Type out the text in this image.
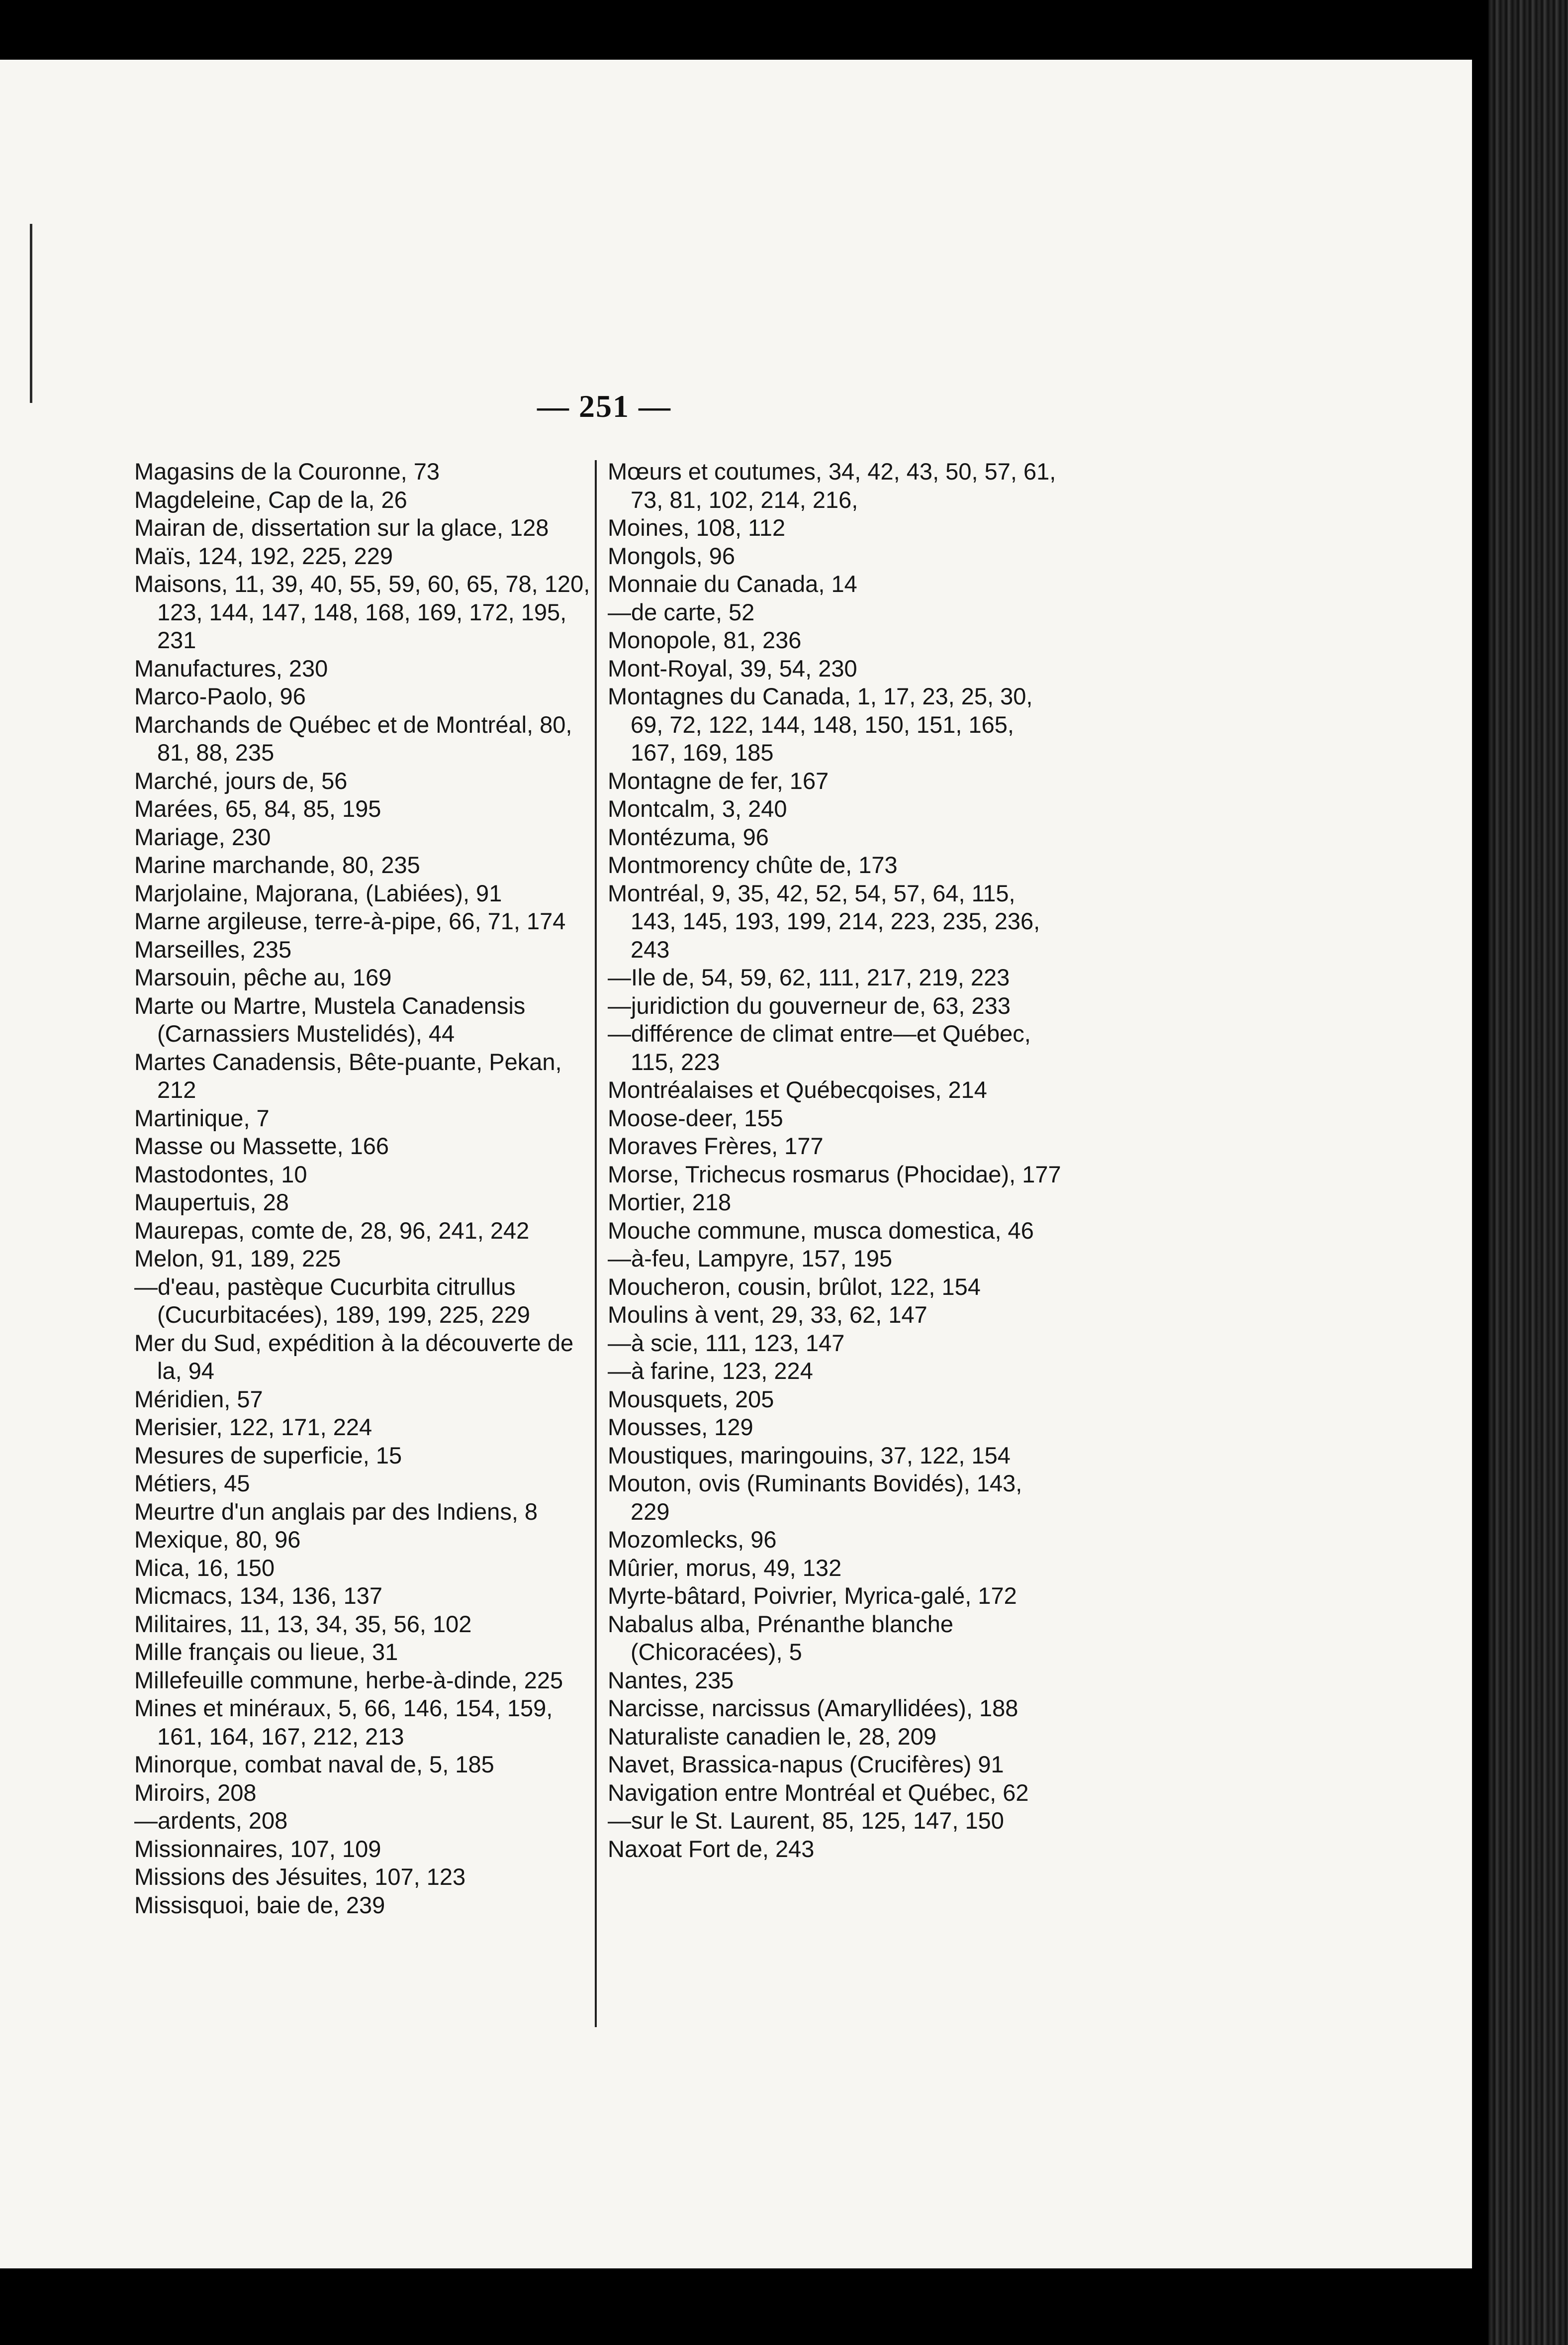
— 251 —

Magasins de la Couronne, 73

Magdeleine, Cap de la, 26

Mairan de, dissertation sur la glace, 128

Maïs, 124, 192, 225, 229

Maisons, 11, 39, 40, 55, 59, 60, 65, 78, 120, 123, 144, 147, 148, 168, 169, 172, 195, 231

Manufactures, 230

Marco-Paolo, 96

Marchands de Québec et de Montréal, 80, 81, 88, 235

Marché, jours de, 56

Marées, 65, 84, 85, 195

Mariage, 230

Marine marchande, 80, 235

Marjolaine, Majorana, (Labiées), 91

Marne argileuse, terre-à-pipe, 66, 71, 174

Marseilles, 235

Marsouin, pêche au, 169

Marte ou Martre, Mustela Canadensis (Carnassiers Mustelidés), 44

Martes Canadensis, Bête-puante, Pekan, 212

Martinique, 7

Masse ou Massette, 166

Mastodontes, 10

Maupertuis, 28

Maurepas, comte de, 28, 96, 241, 242

Melon, 91, 189, 225

—d'eau, pastèque Cucurbita citrullus (Cucurbitacées), 189, 199, 225, 229

Mer du Sud, expédition à la découverte de la, 94

Méridien, 57

Merisier, 122, 171, 224

Mesures de superficie, 15

Métiers, 45

Meurtre d'un anglais par des Indiens, 8

Mexique, 80, 96

Mica, 16, 150

Micmacs, 134, 136, 137

Militaires, 11, 13, 34, 35, 56, 102

Mille français ou lieue, 31

Millefeuille commune, herbe-à-dinde, 225

Mines et minéraux, 5, 66, 146, 154, 159, 161, 164, 167, 212, 213

Minorque, combat naval de, 5, 185

Miroirs, 208

—ardents, 208

Missionnaires, 107, 109

Missions des Jésuites, 107, 123

Missisquoi, baie de, 239

Mœurs et coutumes, 34, 42, 43, 50, 57, 61, 73, 81, 102, 214, 216,

Moines, 108, 112

Mongols, 96

Monnaie du Canada, 14

—de carte, 52

Monopole, 81, 236

Mont-Royal, 39, 54, 230

Montagnes du Canada, 1, 17, 23, 25, 30, 69, 72, 122, 144, 148, 150, 151, 165, 167, 169, 185

Montagne de fer, 167

Montcalm, 3, 240

Montézuma, 96

Montmorency chûte de, 173

Montréal, 9, 35, 42, 52, 54, 57, 64, 115, 143, 145, 193, 199, 214, 223, 235, 236, 243

—Ile de, 54, 59, 62, 111, 217, 219, 223

—juridiction du gouverneur de, 63, 233

—différence de climat entre—et Québec, 115, 223

Montréalaises et Québecqoises, 214

Moose-deer, 155

Moraves Frères, 177

Morse, Trichecus rosmarus (Phocidae), 177

Mortier, 218

Mouche commune, musca domestica, 46

—à-feu, Lampyre, 157, 195

Moucheron, cousin, brûlot, 122, 154

Moulins à vent, 29, 33, 62, 147

—à scie, 111, 123, 147

—à farine, 123, 224

Mousquets, 205

Mousses, 129

Moustiques, maringouins, 37, 122, 154

Mouton, ovis (Ruminants Bovidés), 143, 229

Mozomlecks, 96

Mûrier, morus, 49, 132

Myrte-bâtard, Poivrier, Myrica-galé, 172

Nabalus alba, Prénanthe blanche (Chicoracées), 5

Nantes, 235

Narcisse, narcissus (Amaryllidées), 188

Naturaliste canadien le, 28, 209

Navet, Brassica-napus (Crucifères) 91

Navigation entre Montréal et Québec, 62

—sur le St. Laurent, 85, 125, 147, 150

Naxoat Fort de, 243
